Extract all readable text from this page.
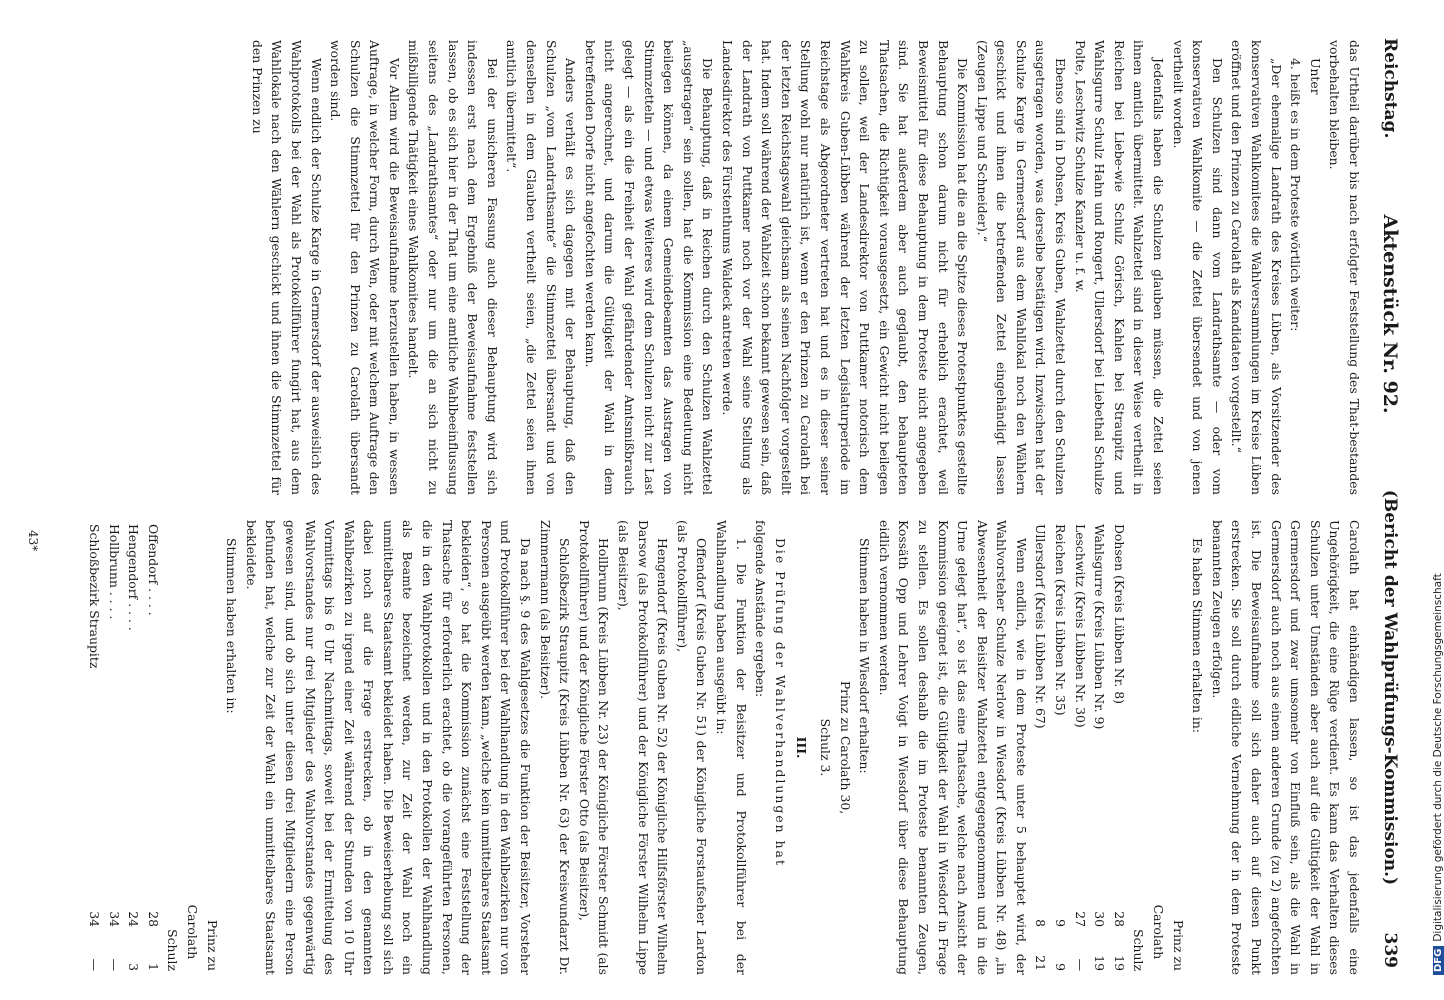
Reichstag.
Aktenstück Nr. 92.
(Bericht der Wahlprüfungs-Kommission.)        339

das Urtheil darüber bis nach erfolgter Feststellung des That-bestandes vorbehalten bleiben.

Unter

4. heißt es in dem Proteste wörtlich weiter:

„Der ehemalige Landrath des Kreises Lüben, als Vorsitzender des konservativen Wahlkomitees die Wahlversammlungen im Kreise Lüben eröffnet und den Prinzen zu Carolath als Kandidaten vorgestellt.“

Den Schulzen sind dann vom Landrathsamte — oder vom konservativen Wahlkomite — die Zettel übersendet und von jenen vertheilt worden.

Jedenfalls haben die Schulzen glauben müssen, die Zettel seien ihnen amtlich übermittelt. Wahlzettel sind in dieser Weise vertheilt in Reichen bei Liebe-wie Schulz Görisch, Kahlen bei Straupitz und Wahlsgurre Schulz Hahn und Rongert, Ullersdorf bei Liebethal Schulze Polte, Leschwitz Schulze Kanzler u. f. w.

Ebenso sind in Dohsen, Kreis Guben, Wahlzettel durch den Schulzen ausgetragen worden, was derselbe bestätigen wird. Inzwischen hat der Schulze Karge in Germersdorf aus dem Wahllokal noch den Wählern geschickt und ihnen die betreffenden Zettel eingehändigt lassen (Zeugen Lippe und Schneider).“

Die Kommission hat die an die Spitze dieses Protestpunktes gestellte Behauptung schon darum nicht für erheblich erachtet, weil Beweismittel für diese Behauptung in dem Proteste nicht angegeben sind. Sie hat außerdem aber auch geglaubt, den behaupteten Thatsachen, die Richtigkeit vorausgesetzt, ein Gewicht nicht beilegen zu sollen, weil der Landesdirektor von Puttkamer notorisch dem Wahlkreis Guben-Lübben während der letzten Legislaturperiode im Reichstage als Abgeordneter vertreten hat und es in dieser seiner Stellung wohl nur natürlich ist, wenn er den Prinzen zu Carolath bei der letzten Reichstagswahl gleichsam als seinen Nachfolger vorgestellt hat. Indem soll während der Wahlzeit schon bekannt gewesen sein, daß der Landrath von Puttkamer noch vor der Wahl seine Stellung als Landesdirektor des Fürstenthums Waldeck antreten werde.

Die Behauptung, daß in Reichen durch den Schulzen Wahlzettel „ausgetragen“ sein sollen, hat die Kommission eine Bedeutung nicht beilegen können, da einem Gemeindebeamten das Austragen von Stimmzetteln — und etwas Weiteres wird dem Schulzen nicht zur Last gelegt — als ein die Freiheit der Wahl gefährdender Amtsmißbrauch nicht angerechnet, und darum die Gültigkeit der Wahl in dem betreffenden Dorfe nicht angefochten werden kann.

Anders verhält es sich dagegen mit der Behauptung, daß den Schulzen „vom Landrathsamte“ die Stimmzettel übersandt und von denselben in dem Glauben vertheilt seien, „die Zettel seien ihnen amtlich übermittelt“.

Bei der unsicheren Fassung auch dieser Behauptung wird sich indessen erst nach dem Ergebniß der Beweisaufnahme feststellen lassen, ob es sich hier in der That um eine amtliche Wahlbeeinflussung seitens des „Landrathsamtes“ oder nur um die an sich nicht zu mißbilligende Thätigkeit eines Wahlkomitees handelt.

Vor Allem wird die Beweisaufnahme herzustellen haben, in wessen Auftrage, in welcher Form, durch Wen, oder mit welchem Auftrage den Schulzen die Stimmzettel für den Prinzen zu Carolath übersandt worden sind.

Wenn endlich der Schulze Karge in Germersdorf der ausweislich des Wahlprotokolls bei der Wahl als Protokollführer fungirt hat, aus dem Wahllokale nach den Wählern geschickt und ihnen die Stimmzettel für den Prinzen zu

Carolath hat einhändigen lassen, so ist das jedenfalls eine Ungehörigkeit, die eine Rüge verdient. Es kann das Verhalten dieses Schulzen unter Umständen aber auch auf die Gültigkeit der Wahl in Germersdorf und zwar umsomehr von Einfluß sein, als die Wahl in Germersdorf auch noch aus einem anderen Grunde (zu 2) angefochten ist. Die Beweisaufnahme soll sich daher auch auf diesen Punkt erstrecken. Sie soll durch eidliche Vernehmung der in dem Proteste benannten Zeugen erfolgen.

Es haben Stimmen erhalten in:

	Prinz zu Carolath    Schulz	
Dohsen (Kreis Lübben Nr. 8)	28	19
Wahlsgurre (Kreis Lübben Nr. 9)	30	19
Leschwitz (Kreis Lübben Nr. 30)	27	—
Reichen (Kreis Lübben Nr. 35)	9	9
Ullersdorf (Kreis Lübben Nr. 67)	8	21

Wenn endlich, wie in dem Proteste unter 5 behauptet wird, der Wahlvorsteher Schulze Nerlow in Wiesdorf (Kreis Lübben Nr. 48) „in Abwesenheit der Beisitzer Wahlzettel entgegengenommen und in die Urne gelegt hat“, so ist das eine Thatsache, welche nach Ansicht der Kommission geeignet ist, die Gültigkeit der Wahl in Wiesdorf in Frage zu stellen. Es sollen deshalb die im Proteste benannten Zeugen, Kossäth Opp und Lehrer Voigt in Wiesdorf über diese Behauptung eidlich vernommen werden.

Stimmen haben in Wiesdorf erhalten:

Prinz zu Carolath 30,

Schulz 3.

III.

Die Prüfung der Wahlverhandlungen hat

folgende Anstände ergeben:

1. Die Funktion der Beisitzer und Protokollführer bei der Wahlhandlung haben ausgeübt in:

Offendorf (Kreis Guben Nr. 51) der Königliche Forstaufseher Lardon (als Protokollführer),

Hengendorf (Kreis Guben Nr. 52) der Königliche Hilfsförster Wilhelm Darsow (als Protokollführer) und der Königliche Förster Wilhelm Lippe (als Beisitzer),

Hollbrunn (Kreis Lübben Nr. 23) der Königliche Förster Schmidt (als Protokollführer) und der Königliche Förster Otto (als Beisitzer),

Schloßbezirk Straupitz (Kreis Lübben Nr. 63) der Kreiswundarzt Dr. Zimmermann (als Beisitzer).

Da nach §. 9 des Wahlgesetzes die Funktion der Beisitzer, Vorsteher und Protokollführer bei der Wahlhandlung in den Wahlbezirken nur von Personen ausgeübt werden kann, „welche kein unmittelbares Staatsamt bekleiden“, so hat die Kommission zunächst eine Feststellung der Thatsache für erforderlich erachtet, ob die vorangeführten Personen, die in den Wahlprotokollen und in den Protokollen der Wahlhandlung als Beamte bezeichnet werden, zur Zeit der Wahl noch ein unmittelbares Staatsamt bekleidet haben. Die Beweiserhebung soll sich dabei noch auf die Frage erstrecken, ob in den genannten Wahlbezirken zu irgend einer Zeit während der Stunden von 10 Uhr Vormittags bis 6 Uhr Nachmittags, soweit bei der Ermittelung des Wahlvorstandes nur drei Mitglieder des Wahlvorstandes gegenwärtig gewesen sind, und ob sich unter diesen drei Mitgliedern eine Person befunden hat, welche zur Zeit der Wahl ein unmittelbares Staatsamt bekleidete.

Stimmen haben erhalten in:

	Prinz zu Carolath    Schulz	
Offendorf . . . .	28	1
Hengendorf . . . .	24	3
Hollbrunn . . . .	34	—
Schloßbezirk Straupitz	34	—
43*
DFGDigitalisierung gefördert durch die Deutsche Forschungsgemeinschaft
